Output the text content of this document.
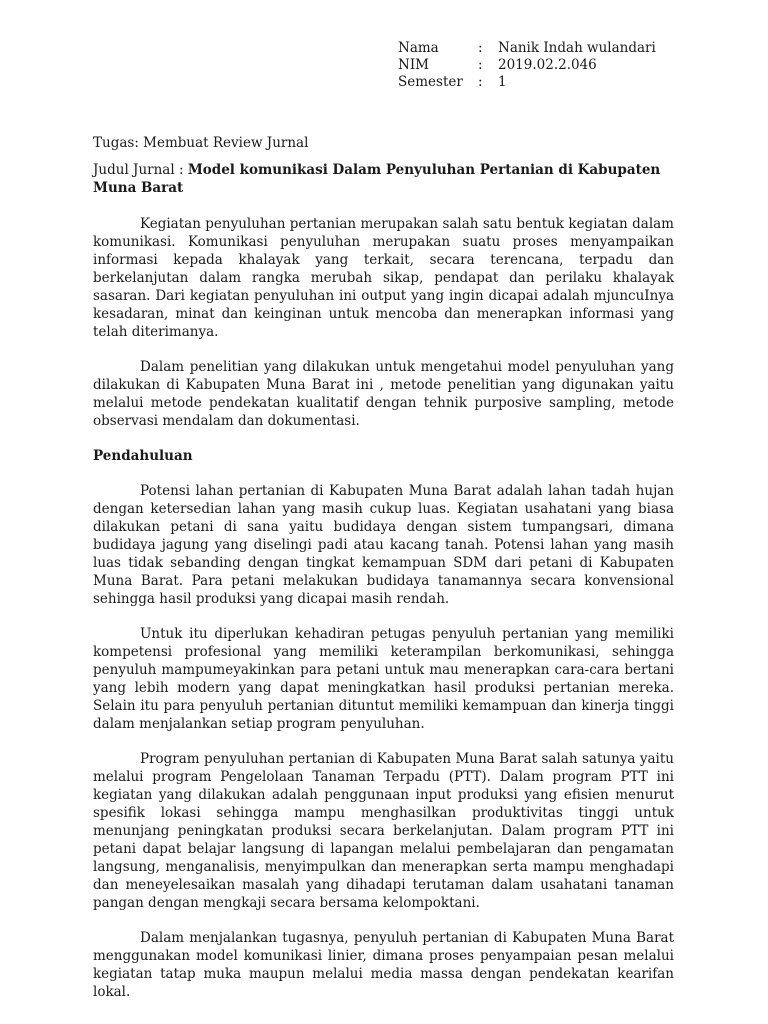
Nama	:	Nanik Indah wulandari
NIM	:	2019.02.2.046
Semester	:	1

Tugas: Membuat Review Jurnal

Judul Jurnal : Model komunikasi Dalam Penyuluhan Pertanian di Kabupaten Muna Barat

Kegiatan penyuluhan pertanian merupakan salah satu bentuk kegiatan dalam komunikasi. Komunikasi penyuluhan merupakan suatu proses menyampaikan informasi kepada khalayak yang terkait, secara terencana, terpadu dan berkelanjutan dalam rangka merubah sikap, pendapat dan perilaku khalayak sasaran. Dari kegiatan penyuluhan ini output yang ingin dicapai adalah mjuncuInya kesadaran, minat dan keinginan untuk mencoba dan menerapkan informasi yang telah diterimanya.

Dalam penelitian yang dilakukan untuk mengetahui model penyuluhan yang dilakukan di Kabupaten Muna Barat ini , metode penelitian yang digunakan yaitu melalui metode pendekatan kualitatif dengan tehnik purposive sampling, metode observasi mendalam dan dokumentasi.

Pendahuluan

Potensi lahan pertanian di Kabupaten Muna Barat adalah lahan tadah hujan dengan ketersedian lahan yang masih cukup luas. Kegiatan usahatani yang biasa dilakukan petani di sana yaitu budidaya dengan sistem tumpangsari, dimana budidaya jagung yang diselingi padi atau kacang tanah. Potensi lahan yang masih luas tidak sebanding dengan tingkat kemampuan SDM dari petani di Kabupaten Muna Barat. Para petani melakukan budidaya tanamannya secara konvensional sehingga hasil produksi yang dicapai masih rendah.

Untuk itu diperlukan kehadiran petugas penyuluh pertanian yang memiliki kompetensi profesional yang memiliki keterampilan berkomunikasi, sehingga penyuluh mampumeyakinkan para petani untuk mau menerapkan cara-cara bertani yang lebih modern yang dapat meningkatkan hasil produksi pertanian mereka. Selain itu para penyuluh pertanian dituntut memiliki kemampuan dan kinerja tinggi dalam menjalankan setiap program penyuluhan.

Program penyuluhan pertanian di Kabupaten Muna Barat salah satunya yaitu melalui program Pengelolaan Tanaman Terpadu (PTT). Dalam program PTT ini kegiatan yang dilakukan adalah penggunaan input produksi yang efisien menurut spesifik lokasi sehingga mampu menghasilkan produktivitas tinggi untuk menunjang peningkatan produksi secara berkelanjutan. Dalam program PTT ini petani dapat belajar langsung di lapangan melalui pembelajaran dan pengamatan langsung, menganalisis, menyimpulkan dan menerapkan serta mampu menghadapi dan meneyelesaikan masalah yang dihadapi terutaman dalam usahatani tanaman pangan dengan mengkaji secara bersama kelompoktani.

Dalam menjalankan tugasnya, penyuluh pertanian di Kabupaten Muna Barat menggunakan model komunikasi linier, dimana proses penyampaian pesan melalui kegiatan tatap muka maupun melalui media massa dengan pendekatan kearifan lokal.
